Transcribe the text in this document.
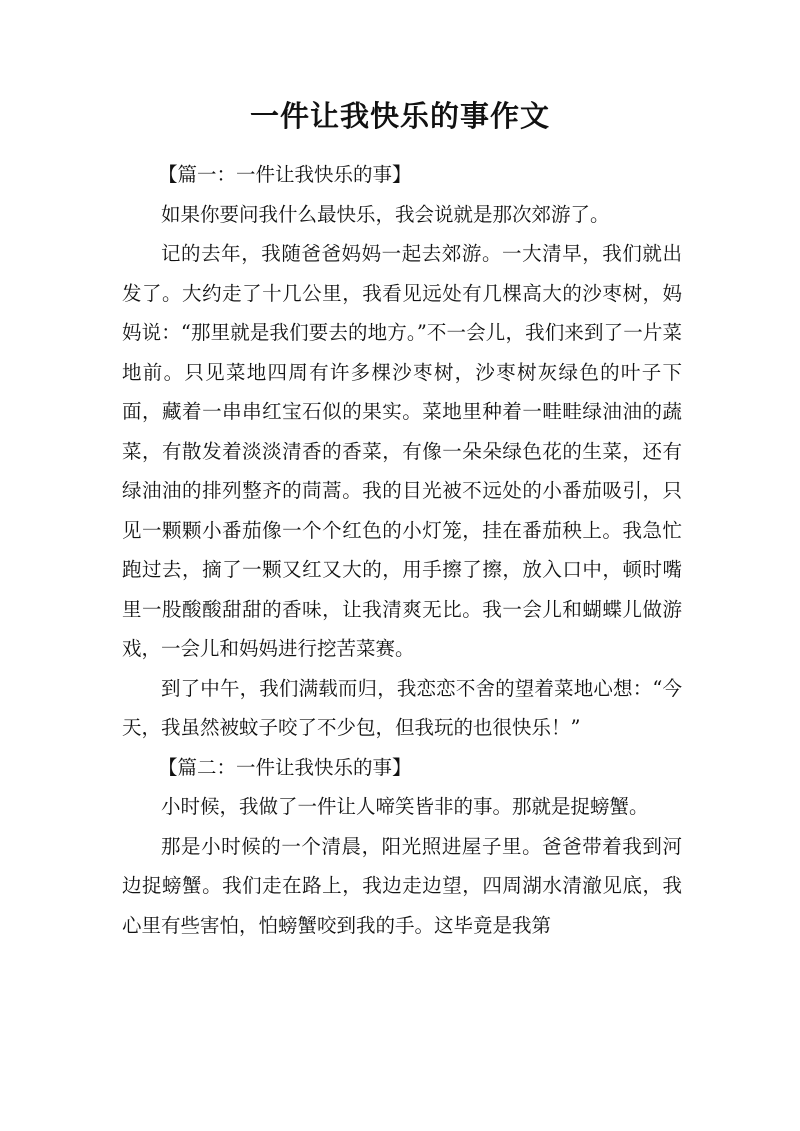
一件让我快乐的事作文

【篇一：一件让我快乐的事】

如果你要问我什么最快乐，我会说就是那次郊游了。

记的去年，我随爸爸妈妈一起去郊游。一大清早，我们就出发了。大约走了十几公里，我看见远处有几棵高大的沙枣树，妈妈说：“那里就是我们要去的地方。”不一会儿，我们来到了一片菜地前。只见菜地四周有许多棵沙枣树，沙枣树灰绿色的叶子下面，藏着一串串红宝石似的果实。菜地里种着一畦畦绿油油的蔬菜，有散发着淡淡清香的香菜，有像一朵朵绿色花的生菜，还有绿油油的排列整齐的茼蒿。我的目光被不远处的小番茄吸引，只见一颗颗小番茄像一个个红色的小灯笼，挂在番茄秧上。我急忙跑过去，摘了一颗又红又大的，用手擦了擦，放入口中，顿时嘴里一股酸酸甜甜的香味，让我清爽无比。我一会儿和蝴蝶儿做游戏，一会儿和妈妈进行挖苦菜赛。

到了中午，我们满载而归，我恋恋不舍的望着菜地心想：“今天，我虽然被蚊子咬了不少包，但我玩的也很快乐！”

【篇二：一件让我快乐的事】

小时候，我做了一件让人啼笑皆非的事。那就是捉螃蟹。

那是小时候的一个清晨，阳光照进屋子里。爸爸带着我到河边捉螃蟹。我们走在路上，我边走边望，四周湖水清澈见底，我心里有些害怕，怕螃蟹咬到我的手。这毕竟是我第
